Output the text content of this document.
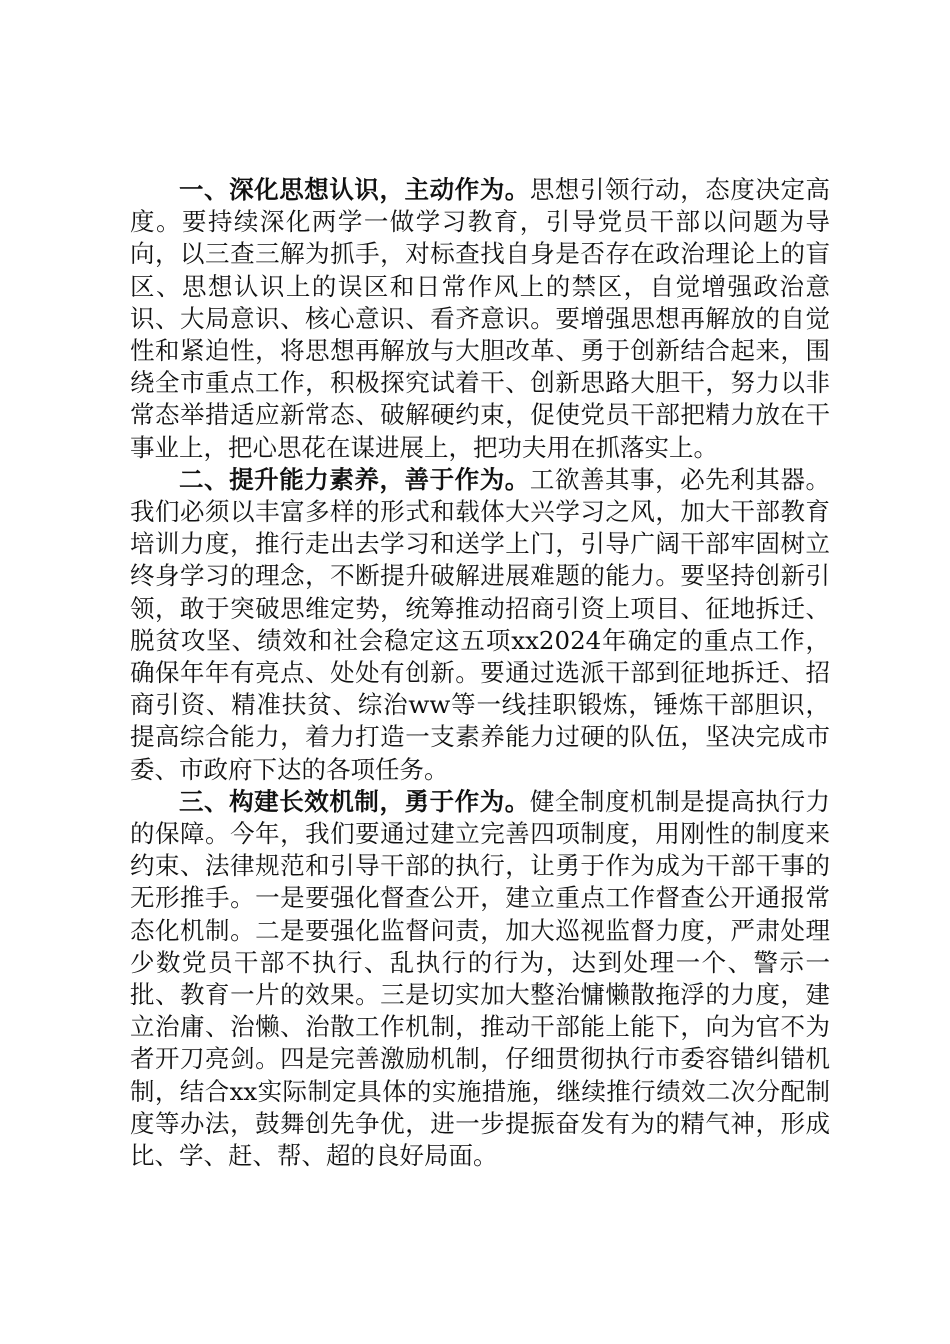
一、深化思想认识，主动作为。思想引领行动，态度决定高度。要持续深化两学一做学习教育，引导党员干部以问题为导向，以三查三解为抓手，对标查找自身是否存在政治理论上的盲区、思想认识上的误区和日常作风上的禁区，自觉增强政治意识、大局意识、核心意识、看齐意识。要增强思想再解放的自觉性和紧迫性，将思想再解放与大胆改革、勇于创新结合起来，围绕全市重点工作，积极探究试着干、创新思路大胆干，努力以非常态举措适应新常态、破解硬约束，促使党员干部把精力放在干事业上，把心思花在谋进展上，把功夫用在抓落实上。

二、提升能力素养，善于作为。工欲善其事，必先利其器。我们必须以丰富多样的形式和载体大兴学习之风，加大干部教育培训力度，推行走出去学习和送学上门，引导广阔干部牢固树立终身学习的理念，不断提升破解进展难题的能力。要坚持创新引领，敢于突破思维定势，统筹推动招商引资上项目、征地拆迁、脱贫攻坚、绩效和社会稳定这五项xx2024年确定的重点工作，确保年年有亮点、处处有创新。要通过选派干部到征地拆迁、招商引资、精准扶贫、综治ww等一线挂职锻炼，锤炼干部胆识，提高综合能力，着力打造一支素养能力过硬的队伍，坚决完成市委、市政府下达的各项任务。

三、构建长效机制，勇于作为。健全制度机制是提高执行力的保障。今年，我们要通过建立完善四项制度，用刚性的制度来约束、法律规范和引导干部的执行，让勇于作为成为干部干事的无形推手。一是要强化督查公开，建立重点工作督查公开通报常态化机制。二是要强化监督问责，加大巡视监督力度，严肃处理少数党员干部不执行、乱执行的行为，达到处理一个、警示一批、教育一片的效果。三是切实加大整治慵懒散拖浮的力度，建立治庸、治懒、治散工作机制，推动干部能上能下，向为官不为者开刀亮剑。四是完善激励机制，仔细贯彻执行市委容错纠错机制，结合xx实际制定具体的实施措施，继续推行绩效二次分配制度等办法，鼓舞创先争优，进一步提振奋发有为的精气神，形成比、学、赶、帮、超的良好局面。
